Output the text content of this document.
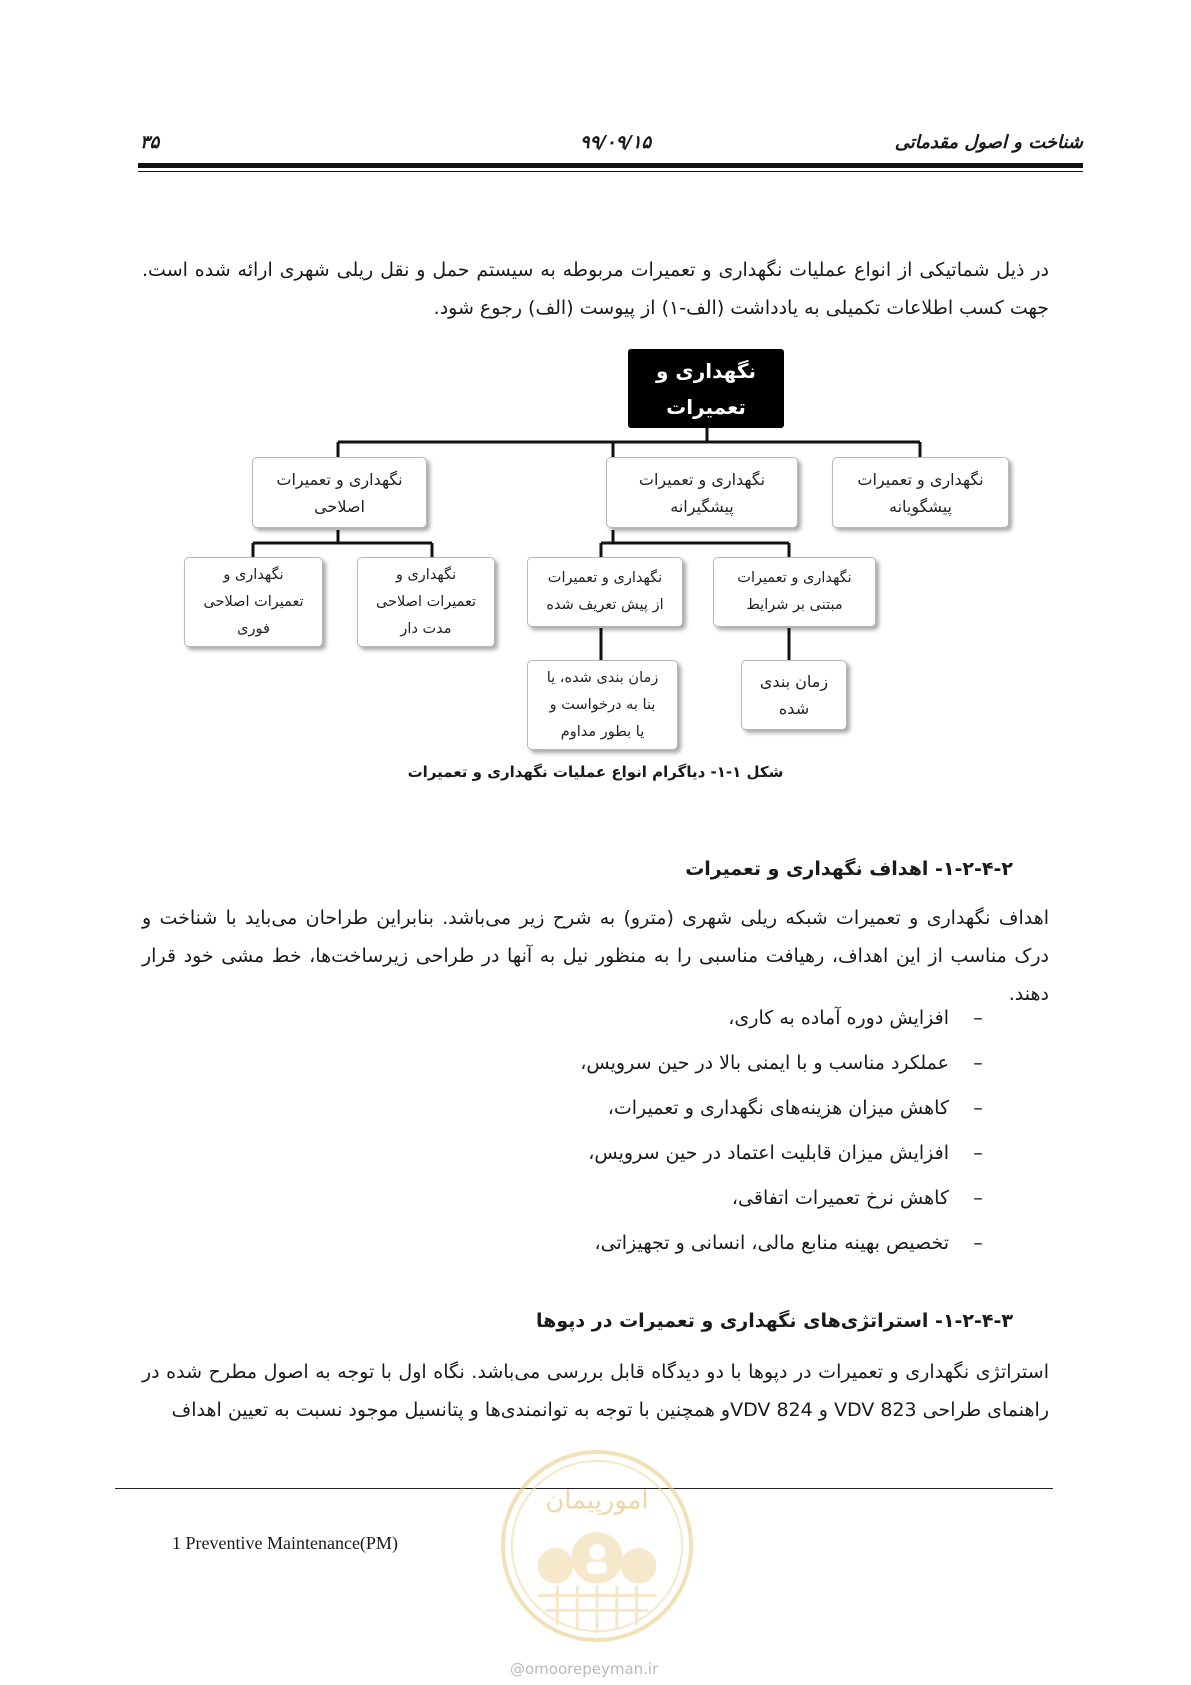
شناخت و اصول مقدماتی
۹۹/۰۹/۱۵
۳۵
در ذیل شماتیکی از انواع عملیات نگهداری و تعمیرات مربوطه به سیستم حمل و نقل ریلی شهری ارائه شده است. جهت کسب اطلاعات تکمیلی به یادداشت (الف-۱) از پیوست (الف) رجوع شود.
نگهداری و
تعمیرات
نگهداری و تعمیرات
پیشگویانه
نگهداری و تعمیرات
پیشگیرانه
نگهداری و تعمیرات
اصلاحی
نگهداری و تعمیرات
مبتنی بر شرایط
نگهداری و تعمیرات
از پیش تعریف شده
نگهداری و
تعمیرات اصلاحی
مدت دار
نگهداری و
تعمیرات اصلاحی
فوری
زمان بندی
شده
زمان بندی شده، یا
بنا به درخواست و
یا بطور مداوم
شکل ۱-۱- دیاگرام انواع عملیات نگهداری و تعمیرات
۱-۲-۴-۲- اهداف نگهداری و تعمیرات
اهداف نگهداری و تعمیرات شبکه ریلی شهری (مترو) به شرح زیر می‌باشد. بنابراین طراحان می‌باید با شناخت و درک مناسب از این اهداف، رهیافت مناسبی را به منظور نیل به آنها در طراحی زیرساخت‌ها، خط مشی خود قرار دهند.
–
افزایش دوره آماده به کاری،
–
عملکرد مناسب و با ایمنی بالا در حین سرویس،
–
کاهش میزان هزینه‌های نگهداری و تعمیرات،
–
افزایش میزان قابلیت اعتماد در حین سرویس،
–
کاهش نرخ تعمیرات اتفاقی،
–
تخصیص بهینه منابع مالی، انسانی و تجهیزاتی،
۱-۲-۴-۳- استراتژی‌های نگهداری و تعمیرات در دپوها
استراتژی نگهداری و تعمیرات در دپوها با دو دیدگاه قابل بررسی می‌باشد. نگاه اول با توجه به اصول مطرح شده در راهنمای طراحی VDV 823 و VDV 824و همچنین با توجه به توانمندی‌ها و پتانسیل موجود نسبت به تعیین اهداف
1 Preventive Maintenance(PM)
امورپیمان
@omoorepeyman.ir
